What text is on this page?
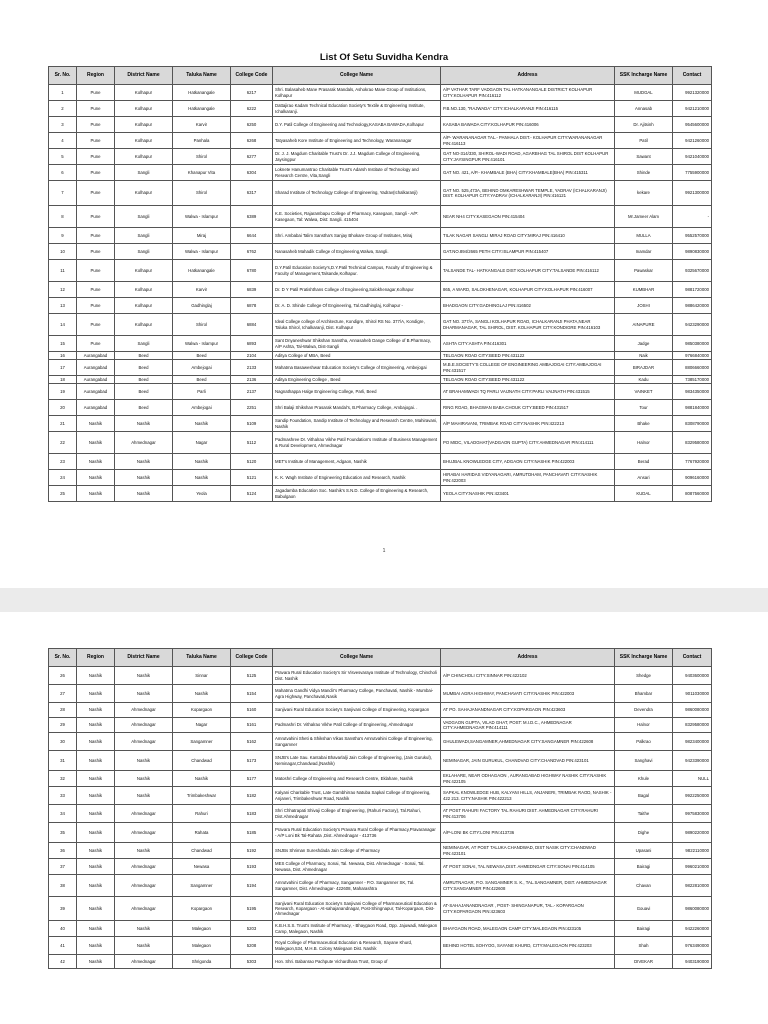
List Of Setu Suvidha Kendra
Sr. No.	Region	District Name	Taluka Name	College Code	College Name	Address	SSK Incharge Name	Contact
1	Pune	Kolhapur	Hatkanangale	6217	Shri. Balasaheb Mane Prasarak Mandals, Ashokrao Mane Group of Institutions, Kolhapur	A/P VATHAR TARF VADGAON TAL HATKANANGALE DISTRICT KOLHAPUR CITY:KOLHAPUR PIN:416112	MUDGAL	9921320000
2	Pune	Kolhapur	Hatkanangale	6222	Dattajirao Kadam Technical Education Society's Textile & Engineering Institute, Ichalkaranji.	P.B.NO.130, "RAJWADA" CITY:ICHALKARANJI PIN:416115	Annasab	9421210000
3	Pune	Kolhapur	Karvir	6250	D.Y. Patil College of Engineering and Technology,KASABA BAWADA,Kolhapur	KASABA BAWADA CITY:KOLHAPUR PIN:416006	Dr. Ajitsinh	9545600000
4	Pune	Kolhapur	Panhala	6268	Tatyasaheb Kore Institute of Engineering and Technology, Warananagar	A/P- WARANANAGAR TAL.- PANHALA DIST.- KOLHAPUR CITY:WARANANAGAR PIN:416113	Patil	9421260000
5	Pune	Kolhapur	Shirol	6277	Dr. J. J. Magdum Charitable Trust's Dr. J.J. Magdum College of Engineering, Jaysingpur	GAT NO-314/330, SHIROL-WADI ROAD, AGARBHAG TAL SHIROL DIST KOLHAPUR CITY:JAYSINGPUR PIN:416101	Sawant	9421040000
6	Pune	Sangli	Khanapur Vita	6304	Loknete Hanumantrao Charitable Trust's Adarsh Institute of Technology and Research Centre, Vita,Sangli	GAT NO. 421, A/P.- KHAMBALE (BHA) CITY:KHAMBALE(BHA) PIN:415311	Shinde	7755900000
7	Pune	Kolhapur	Shirol	6317	Sharad Institute of Technology College of Engineering, Yadrav(Ichalkaranji)	GAT NO. 525,473A, BEHIND OMKARESHWAR TEMPLE, YADRAV (ICHALKARANJI) DIST: KOLHAPUR CITY:YADRAV (ICHALKARANJI) PIN:416121	kekare	9921300000
8	Pune	Sangli	Walwa - Islampur	6389	K.E. Societies, Rajarambapu College of Pharmacy, Kasegaon, Sangli - A/P: Kasegaon, Tal: Walwa, Dist: Sangli. 415404	NEAR NH4 CITY:KASEGAON PIN:415404	Mr.Jameer Alam	-
9	Pune	Sangli	Miraj	6644	Shri. Ambabai Talim Sanstha's Sanjay Bhokare Group of Institutes, Miraj	TILAK NAGAR SANGLI MIRAJ ROAD CITY:MIRAJ PIN:416410	MULLA	9552570000
10	Pune	Sangli	Walwa - Islampur	6762	Nanasaheb Mahadik College of Engineering,Walwa, Sangli.	GAT.NO.894/2665 PETH CITY:ISLAMPUR PIN:415407	Inamdar	9890830000
11	Pune	Kolhapur	Hatkanangale	6780	D.Y.Patil Education Society's,D.Y.Patil Technical Campus, Faculty of Engineering & Faculty of Management,Talsande,Kolhapur.	TALSANDE TAL- HATKANGALE DIST KOLHAPUR CITY:TALSANDE PIN:416112	Pawaskar	9325670000
12	Pune	Kolhapur	Karvir	6839	Dr. D Y Patil Pratishthans College of Engineering,Salokhenagar,Kolhapur	865, A WARD, SALOKHENAGAR, KOLHAPUR CITY:KOLHAPUR PIN:416007	KUMBHAR	9881720000
13	Pune	Kolhapur	Gadhinglaj	6878	Dr. A. D. Shinde College Of Engineering, Tal.Gadhinglaj, Kolhapur -	BHADGAON CITY:GADHINGLAJ PIN:416502	JOSHI	9886420000
14	Pune	Kolhapur	Shirol	6884	Ideal College college of Architecture, Kondigre, Shirol RS No. 377/A, Kondigre, Taluka Shirol, Ichalkaranji, Dist. Kolhapur	GAT NO. 377/A, SANGLI KOLHAPUR ROAD, ICHALKARANJI PHATA,NEAR DHARMANAGAR, TAL SHIROL, DIST. KOLHAPUR CITY:KONDIGRE PIN:416103	AINAPURE	9423290000
15	Pune	Sangli	Walwa - Islampur	6893	Sant Dnyaneshwar Shikshan Sanstha, Annasaheb Dange College of B.Pharmacy, A/P Ashta, Tal-Walwa, Dist-Sangli	ASHTA CITY:ASHTA PIN:416301	Jadge	9850380000
16	Aurangabad	Beed	Beed	2104	Aditya College of MBA, Beed	TELGAON ROAD CITY:BEED PIN:431122	Naik	9766840000
17	Aurangabad	Beed	Ambejogai	2133	Mahatma Basaweshwar Education Society's College of Engineering, Ambejogai	M.B.E.SOCIETY'S COLLEGE OF ENGINEERING AMBAJOGAI CITY:AMBAJOGAI PIN:431517	BIRAJDAR	8806660000
18	Aurangabad	Beed	Beed	2136	Aditya Engineering College , Beed	TELGAON ROAD CITY:BEED PIN:431122	Kadu	7385170000
19	Aurangabad	Beed	Parli	2137	Nagnathappa Halge Engineering College, Parli, Beed	AT BRAHAMWADI TQ PARLI VAIJNATH CITY:PARLI VAIJNATH PIN:431515	VAINKET	9834350000
20	Aurangabad	Beed	Ambejogai	2251	Shri Balaji Shikshan Prasarak Mandal's, B.Pharmacy College, Ambajogai. .	RING ROAD, BHAGWAN BABA CHOUK CITY:BEED PIN:431517	Tour	9881840000
21	Nashik	Nashik	Nashik	5109	Sandip Foundation, Sandip Institute of Technology and Research Centre, Mahiravani, Nashik	A/P MAHIRAVANI, TRIMBAK ROAD CITY:NASHIK PIN:422213	Bhake	8308790000
22	Nashik	Ahmednagar	Nagar	5112	Padmashree Dr. Vithalrao Vikhe Patil Foundation's Institute of Business Management & Rural Development, Ahmednagar	PO MIDC, VILADGHAT(VADGAON GUPTA) CITY:AHMEDNAGAR PIN:414111	Halnor	8329580000
23	Nashik	Nashik	Nashik	5120	MET's Institute of Management, Adgaon, Nashik	BHUJBAL KNOWLEDGE CITY, ADGAON CITY:NASHIK PIN:422003	Berad	7767920000
24	Nashik	Nashik	Nashik	5121	K. K. Wagh Institute of Engineering Education and Research, Nashik	HIRABAI HARIDAS VIDYANAGARI, AMRUTDHAM, PANCHAVATI CITY:NASHIK PIN:422003	Ansari	9096160000
25	Nashik	Nashik	Yeola	5124	Jagadamba Education Soc. Nashik's S.N.D. College of Engineering & Research, Babulgaon	YEOLA CITY:NASHIK PIN:423401	KUDAL	8087560000
1
Sr. No.	Region	District Name	Taluka Name	College Code	College Name	Address	SSK Incharge Name	Contact
26	Nashik	Nashik	Sinnar	5125	Pravara Rural Education Society's Sir Visvesvaraya Institute of Technology, Chincholi Dist. Nashik	A/P CHINCHOLI CITY:SINNAR PIN:422102	Shedge	9403600000
27	Nashik	Nashik	Nashik	5154	Mahatma Gandhi Vidya Mandir's Pharmacy College, Panchavati, Nashik - Mumbai-Agra Highway, Panchavati,Nasik	MUMBAI AGRA HIGHWAY, PANCHAVATI CITY:NASHIK PIN:422003	Bhambar	9011030000
28	Nashik	Ahmednagar	Kopargaon	5160	Sanjivani Rural Education Society's Sanjivani College of Engineering, Kopargaon	AT PO. SAHAJANANDNAGAR CITY:KOPARGAON PIN:423603	Devendra	9860080000
29	Nashik	Ahmednagar	Nagar	5161	Padmashri Dr. Vithalrao Vikhe Patil College of Engineering, Ahmednagar	VADGAON GUPTA, VILAD GHAT, POST: M.I.D.C., AHMEDNAGAR CITY:AHMEDNAGAR PIN:414111	Halnor	8329580000
30	Nashik	Ahmednagar	Sangamner	5162	Amrutvahini Sheti & Shikshan Vikas Sanstha's Amrutvahini College of Engineering, Sangamner	GHULEWADI,SANGAMNER,AHMEDNAGAR CITY:SANGAMNER PIN:422608	Palkrao	9823400000
31	Nashik	Nashik	Chandwad	5173	SNJB's Late Sau. Kantabai Bhavarlalji Jain College of Engineering, (Jain Gurukul), Neminagar,Chandwad,(Nashik)	NEMINAGAR, JAIN GURUKUL, CHANDVAD CITY:CHANDVAD PIN:423101	Sanghavi	9423390000
32	Nashik	Nashik	Nashik	5177	Matoshri College of Engineering and Research Centre, Eklahare, Nashik	EKLAHARE, NEAR ODHAGAON , AURANGABAD HIGHWAY NASHIK CITY:NASHIK PIN:422105	Khule	NULL
33	Nashik	Nashik	Trimbakeshwar	5182	Kalyani Charitable Trust, Late Gambhirrao Natuba Sapkal College of Engineering, Anjaneri, Trimbakeshwar Road, Nashik	SAPKAL KNOWLEDGE HUB, KALYANI HILLS, ANJANERI, TRIMBAK RAOD, NASHIK - 422 213. CITY:NASHIK PIN:422213	Bagal	9922250000
34	Nashik	Ahmednagar	Rahuri	5183	Shri Chhatrapati Shivaji College of Engineering, (Rahuri Factory), Tal.Rahuri, Dist.Ahmednagar	AT POST RAHURI FACTORY TAL RAHURI DIST. AHMEDNAGAR CITY:RAHURI PIN:413706	Taithe	9975830000
35	Nashik	Ahmednagar	Rahata	5185	Pravara Rural Education Society's Pravara Rural College of Pharmacy,Pravaranagar - A/P Loni Bk Tal-Rahata ,Dist. Ahmednagar - 413736	A/P-LONI BK CITY:LONI PIN:413736	Dighe	9890220000
36	Nashik	Nashik	Chandwad	5192	SNJBs Shriman Sureshdada Jain College of Pharmacy	NEMINAGAR, AT POST TALUKA CHANDWAD, DIST NASIK CITY:CHANDWAD PIN:423101	Upasani	9822110000
37	Nashik	Ahmednagar	Newasa	5193	MES College of Pharmacy, Sonai, Tal. Newasa, Dist. Ahmednagar - Sonai, Tal. Newasa, Dist. Ahmednagar	AT POST SONAI, TAL NEWASA,DIST. AHMEDNGAR CITY:SONAI PIN:414105	Bairagi	9960210000
38	Nashik	Ahmednagar	Sangamner	5194	Amrutvahini College of Pharmacy, Sangamner - P.O. Sangamner SK, Tal. Sangamner, Dist. Ahmednagar- 422608, Maharashtra	AMRUTNAGAR, P.O. SANGAMNER S. K., TAL.SANGAMNER, DIST. AHMEDNAGAR CITY:SANGAMNER PIN:422608	Chavan	9822810000
39	Nashik	Ahmednagar	Kopargaon	5195	Sanjivani Rural Education Society's Sanjivani College of Pharmaceutical Education & Research, Kopargaon - At-sahajanandnagar, Post-Shingnapur, Tal-Kopargaon, Dist-Ahmednagar	AT-SAHAJANANDNAGAR , POST- SHINGANAPUR, TAL.- KOPARGAON CITY:KOPARGAON PIN:423603	Gouavi	9860080000
40	Nashik	Nashik	Malegaon	5203	K.B.H.S.S. Trust's Institute of Pharmacy, - Bhaygaon Road, Opp. Jajuwadi, Malegaon Camp, Malegaon, Nashik	BHAYGAON ROAD, MALEGAON CAMP CITY:MALEGAON PIN:423105	Bairagi	9422260000
41	Nashik	Nashik	Malegaon	5208	Royal College of Pharmaceutical Education & Research, Sayane Khurd, Malegaon,534, M.H.B. Colony Malegaon Dist. Nashik	BEHIND HOTEL SOHYOG, SAYANE KHURD, CITY:MALEGAON PIN:423203	Shah	9763490000
42	Nashik	Ahmednagar	Shrigonda	5303	Hon. Shri. Babanrao Pachpute Vichardhara Trust, Group of		DIVEKAR	9403190000
